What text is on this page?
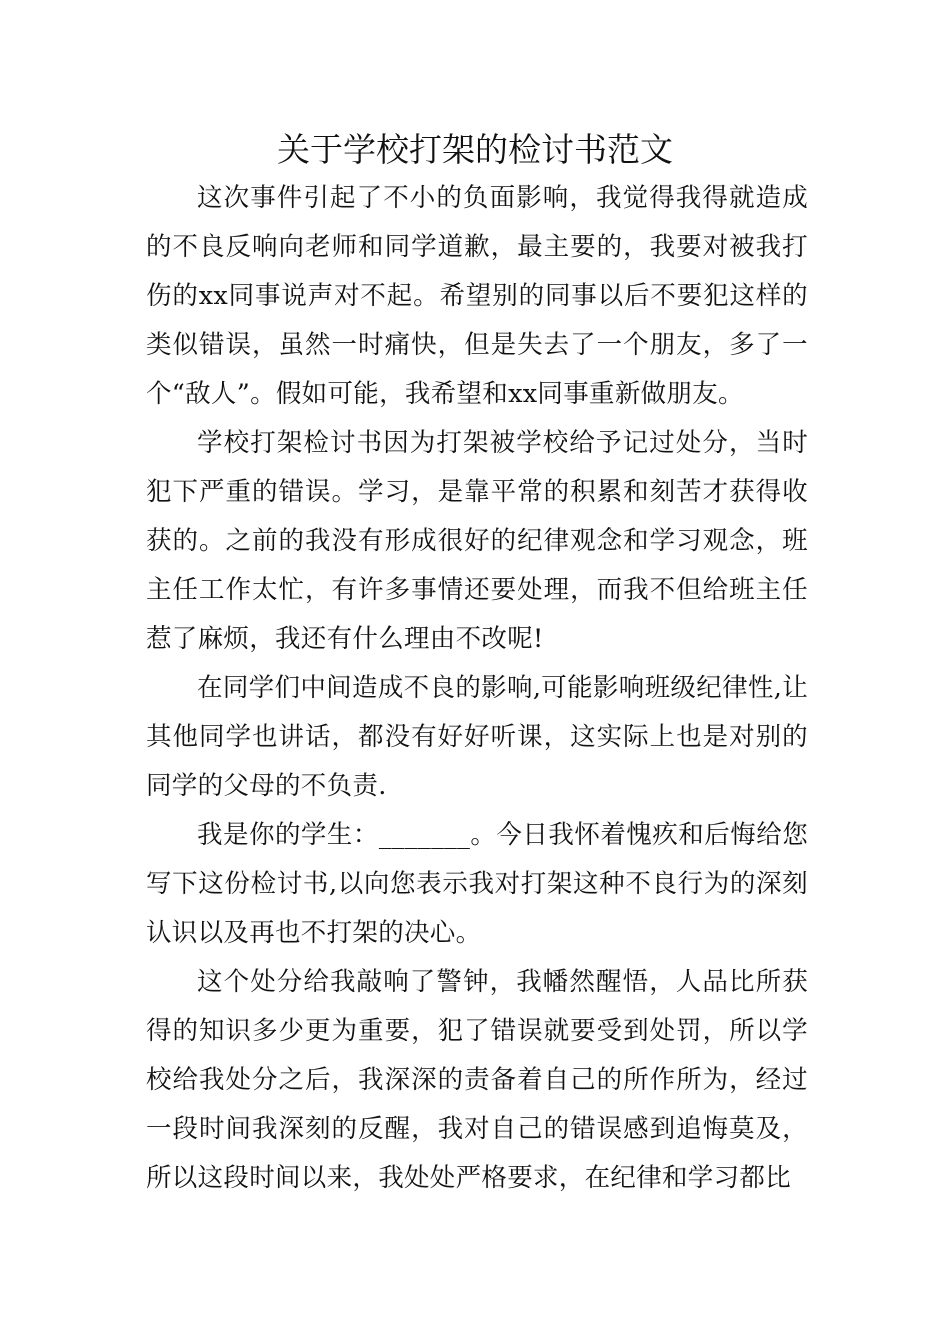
关于学校打架的检讨书范文

这次事件引起了不小的负面影响，我觉得我得就造成的不良反响向老师和同学道歉，最主要的，我要对被我打伤的xx同事说声对不起。希望别的同事以后不要犯这样的类似错误，虽然一时痛快，但是失去了一个朋友，多了一个“敌人”。假如可能，我希望和xx同事重新做朋友。

学校打架检讨书因为打架被学校给予记过处分，当时犯下严重的错误。学习，是靠平常的积累和刻苦才获得收获的。之前的我没有形成很好的纪律观念和学习观念，班主任工作太忙，有许多事情还要处理，而我不但给班主任惹了麻烦，我还有什么理由不改呢!

在同学们中间造成不良的影响,可能影响班级纪律性,让其他同学也讲话，都没有好好听课，这实际上也是对别的同学的父母的不负责.

我是你的学生：_______。今日我怀着愧疚和后悔给您写下这份检讨书,以向您表示我对打架这种不良行为的深刻认识以及再也不打架的决心。

这个处分给我敲响了警钟，我幡然醒悟，人品比所获得的知识多少更为重要，犯了错误就要受到处罚，所以学校给我处分之后，我深深的责备着自己的所作所为，经过一段时间我深刻的反醒，我对自己的错误感到追悔莫及，所以这段时间以来，我处处严格要求，在纪律和学习都比
